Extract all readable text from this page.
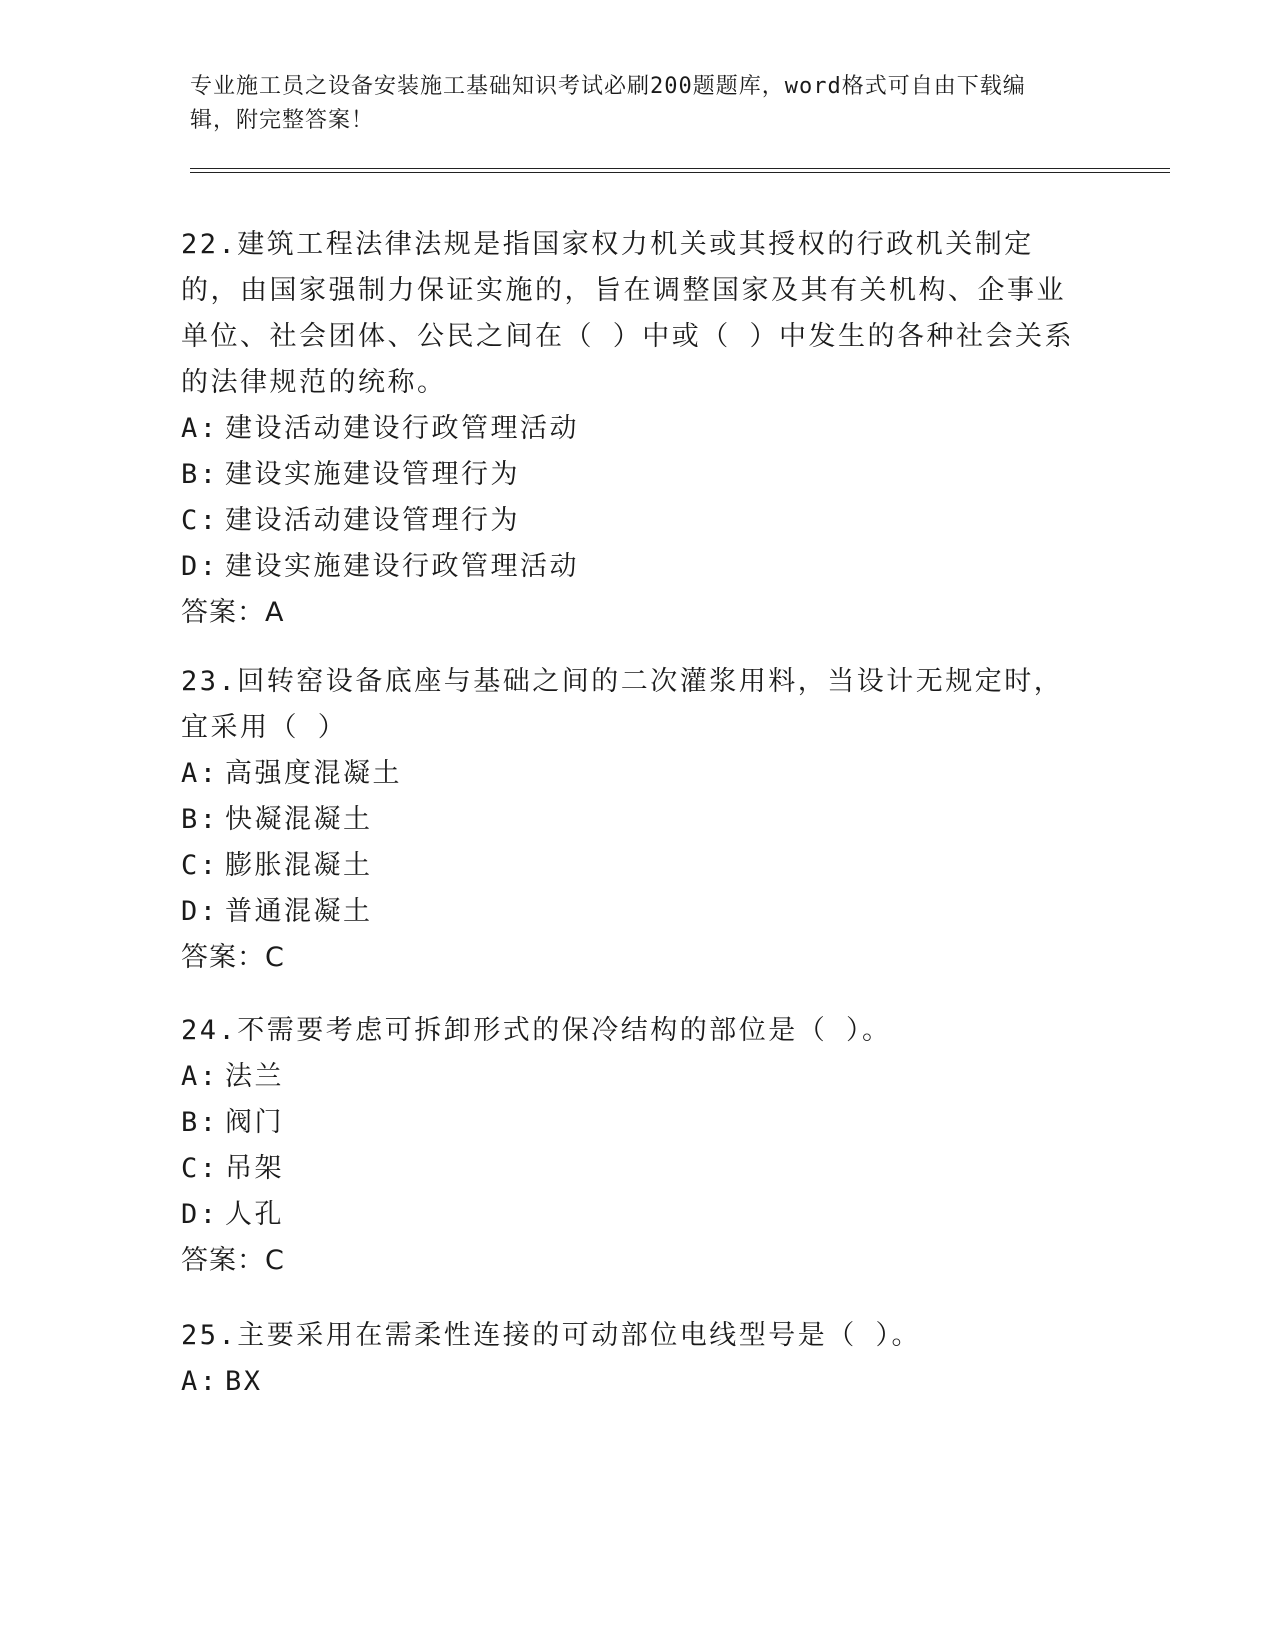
专业施工员之设备安装施工基础知识考试必刷200题题库，word格式可自由下载编辑，附完整答案！
22.建筑工程法律法规是指国家权力机关或其授权的行政机关制定的，由国家强制力保证实施的，旨在调整国家及其有关机构、企事业单位、社会团体、公民之间在（ ）中或（ ）中发生的各种社会关系的法律规范的统称。
A: 建设活动建设行政管理活动
B: 建设实施建设管理行为
C: 建设活动建设管理行为
D: 建设实施建设行政管理活动
答案：A
23.回转窑设备底座与基础之间的二次灌浆用料，当设计无规定时，宜采用（ ）
A: 高强度混凝土
B: 快凝混凝土
C: 膨胀混凝土
D: 普通混凝土
答案：C
24.不需要考虑可拆卸形式的保冷结构的部位是（ ）。
A: 法兰
B: 阀门
C: 吊架
D: 人孔
答案：C
25.主要采用在需柔性连接的可动部位电线型号是（ ）。
A: BX
